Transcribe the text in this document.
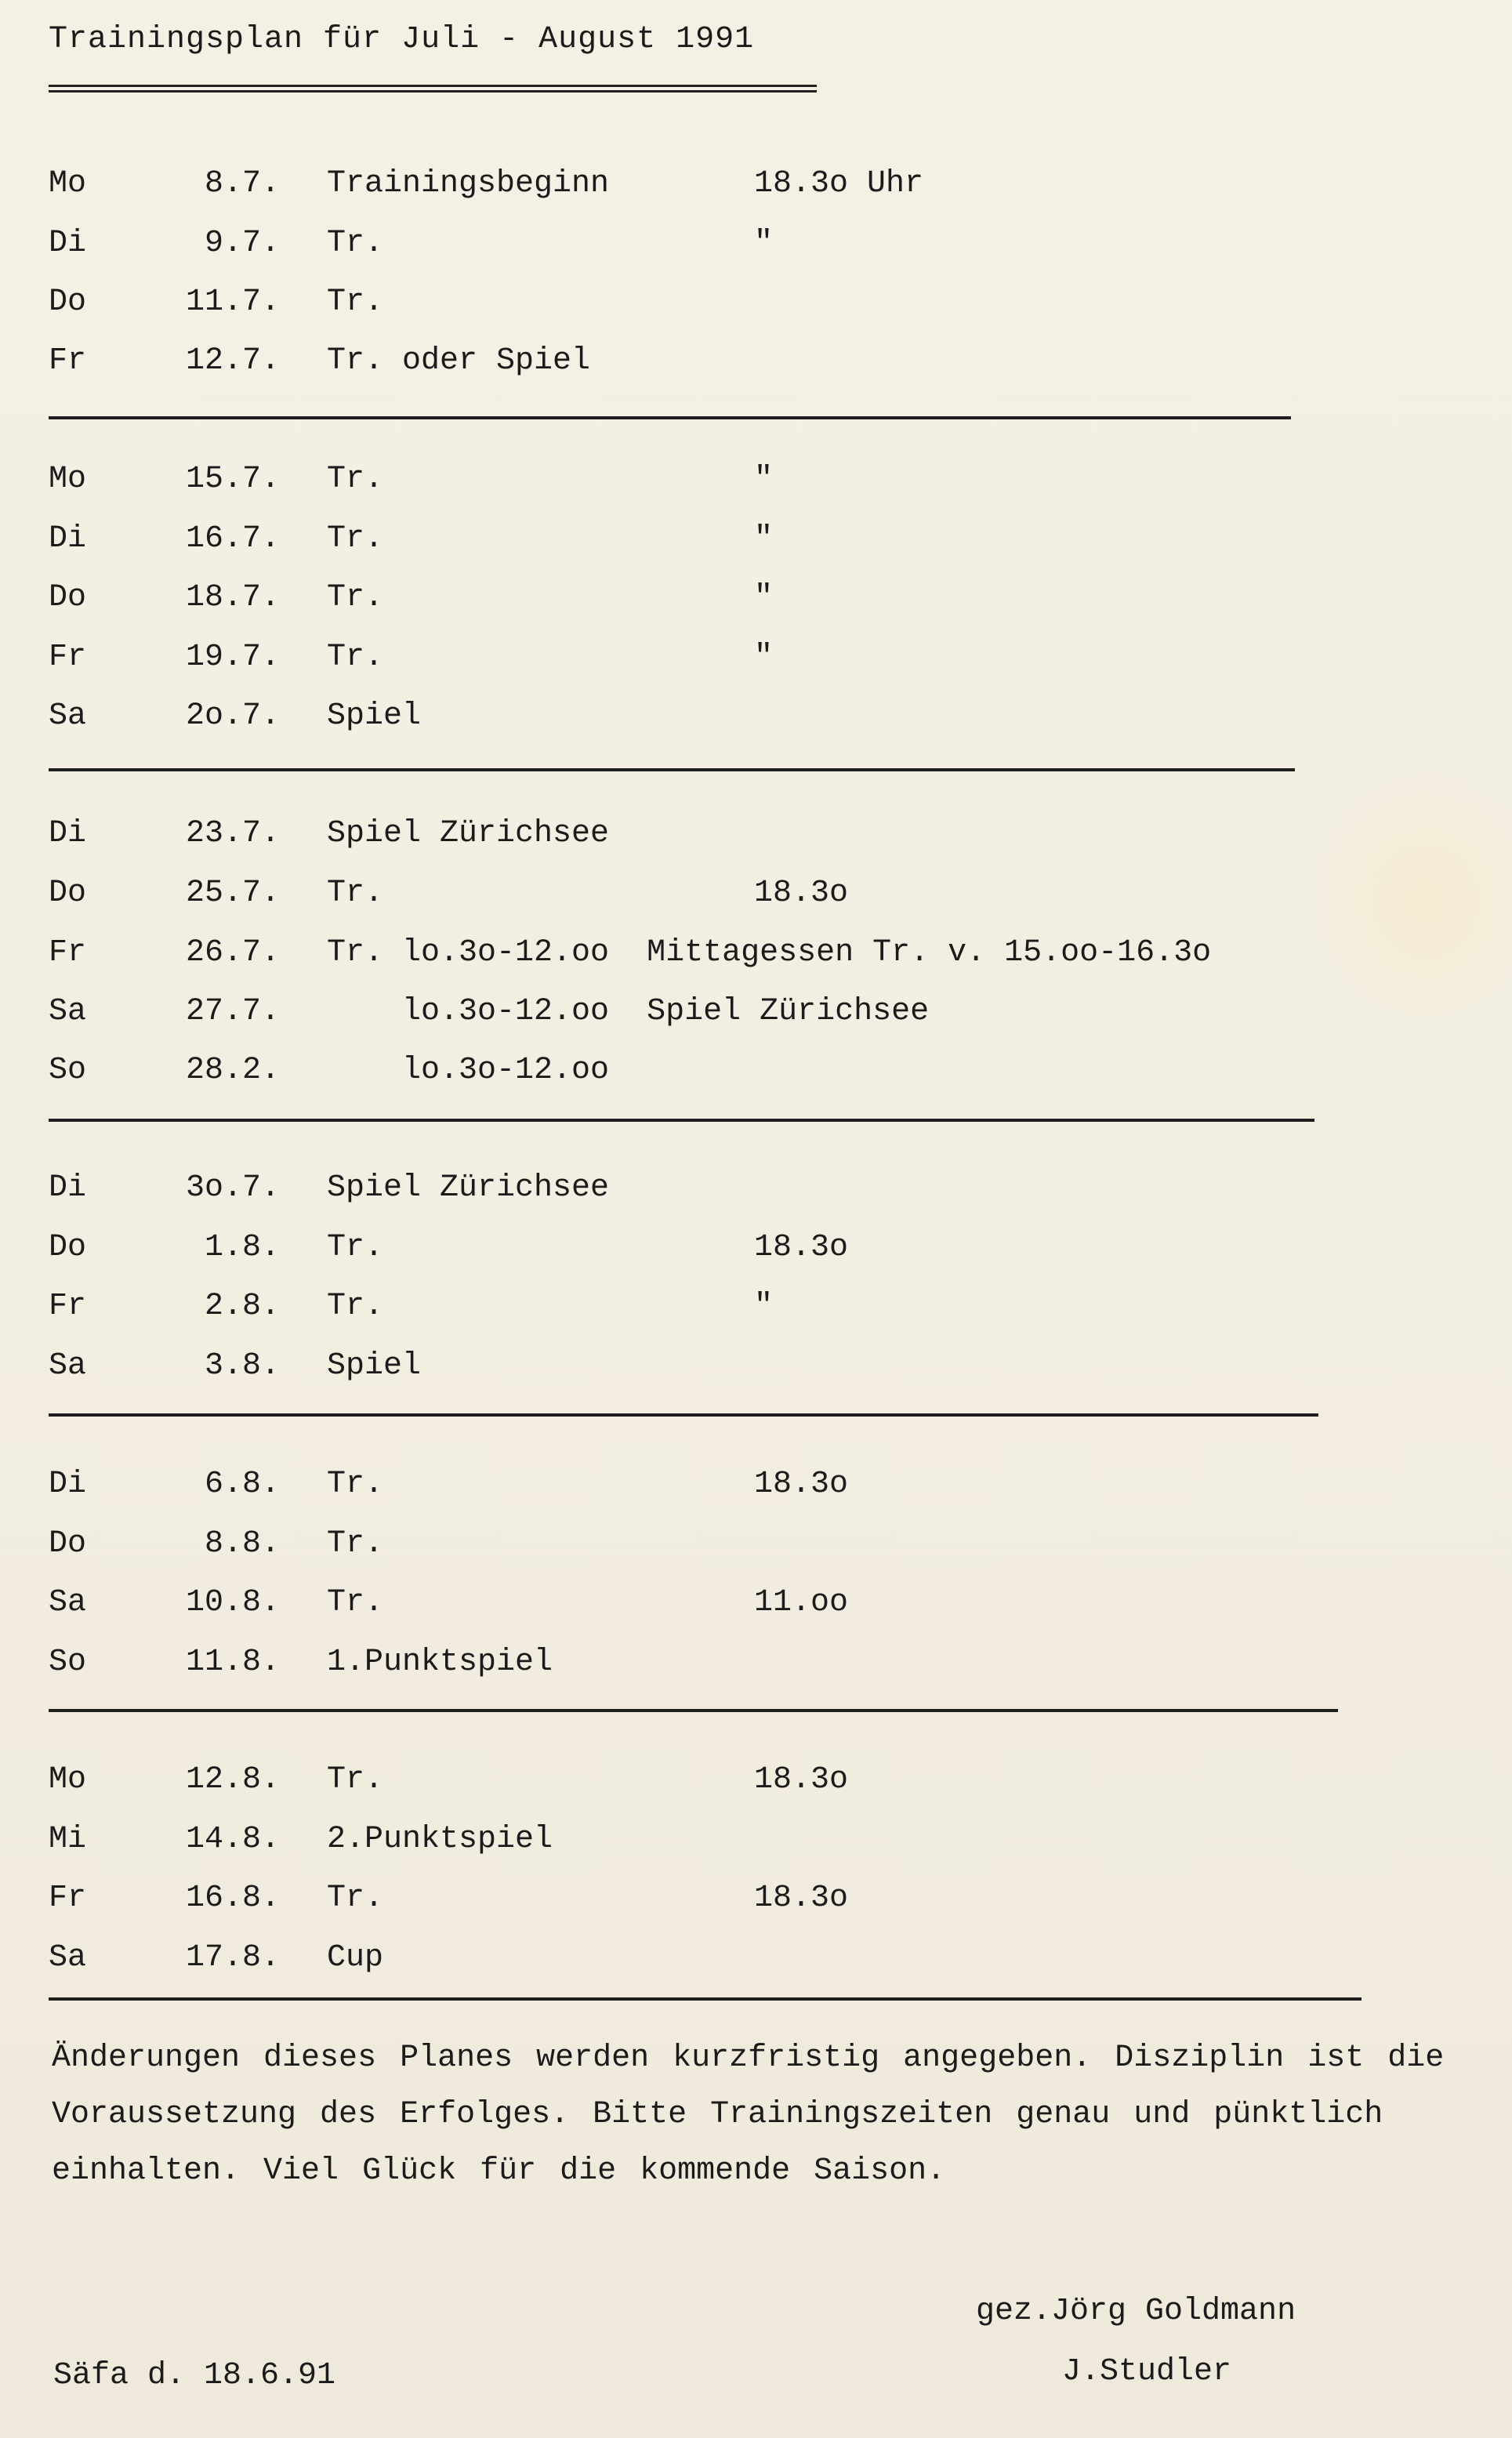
Trainingsplan für Juli - August 1991
Mo	8.7. Trainingsbeginn	18.3o Uhr
Di	9.7. Tr.	"
Do	11.7. Tr.
Fr	12.7. Tr. oder Spiel
Mo	15.7. Tr.	"
Di	16.7. Tr.	"
Do	18.7. Tr.	"
Fr	19.7. Tr.	"
Sa	2o.7. Spiel
Di	23.7. Spiel Zürichsee
Do	25.7. Tr.	18.3o
Fr	26.7. Tr. lo.3o-12.oo  Mittagessen Tr. v. 15.oo-16.3o
Sa	27.7. lo.3o-12.oo  Spiel Zürichsee
So	28.2. lo.3o-12.oo
Di	3o.7. Spiel Zürichsee
Do	1.8. Tr.	18.3o
Fr	2.8. Tr.	"
Sa	3.8. Spiel
Di	6.8. Tr.	18.3o
Do	8.8. Tr.
Sa	10.8. Tr.	11.oo
So	11.8. 1.Punktspiel
Mo	12.8. Tr.	18.3o
Mi	14.8. 2.Punktspiel
Fr	16.8. Tr.	18.3o
Sa	17.8. Cup

Änderungen dieses Planes werden kurzfristig angegeben. Disziplin ist die Voraussetzung des Erfolges. Bitte Trainingszeiten genau und pünktlich einhalten. Viel Glück für die kommende Saison.

gez.Jörg Goldmann
J.Studler
Säfa d. 18.6.91
